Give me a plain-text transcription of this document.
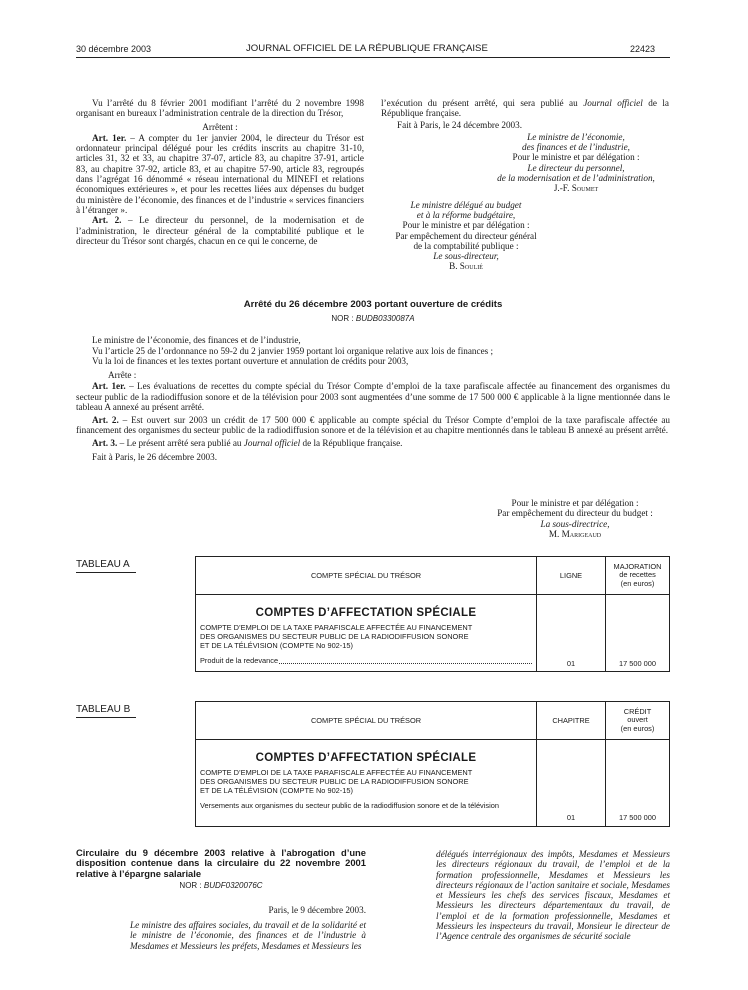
30 décembre 2003	JOURNAL OFFICIEL DE LA RÉPUBLIQUE FRANÇAISE	22423

Vu l’arrêté du 8 février 2001 modifiant l’arrêté du 2 novembre 1998 organisant en bureaux l’administration centrale de la direction du Trésor,

Arrêtent :

Art. 1er. – A compter du 1er janvier 2004, le directeur du Trésor est ordonnateur principal délégué pour les crédits inscrits au chapitre 31-10, articles 31, 32 et 33, au chapitre 37-07, article 83, au chapitre 37-91, article 83, au chapitre 37-92, article 83, et au chapitre 57-90, article 83, regroupés dans l’agrégat 16 dénommé « réseau international du MINEFI et relations économiques extérieures », et pour les recettes liées aux dépenses du budget du ministère de l’économie, des finances et de l’industrie « services financiers à l’étranger ».

Art. 2. – Le directeur du personnel, de la modernisation et de l’administration, le directeur général de la comptabilité publique et le directeur du Trésor sont chargés, chacun en ce qui le concerne, de

l’exécution du présent arrêté, qui sera publié au Journal officiel de la République française.

Fait à Paris, le 24 décembre 2003.

Le ministre de l’économie,
des finances et de l’industrie,
Pour le ministre et par délégation :
Le directeur du personnel,
de la modernisation et de l’administration,
J.-F. Soumet
Le ministre délégué au budget
et à la réforme budgétaire,
Pour le ministre et par délégation :
Par empêchement du directeur général
de la comptabilité publique :
Le sous-directeur,
B. Soulié
Arrêté du 26 décembre 2003 portant ouverture de crédits
NOR : BUDB0330087A

Le ministre de l’économie, des finances et de l’industrie,

Vu l’article 25 de l’ordonnance no 59-2 du 2 janvier 1959 portant loi organique relative aux lois de finances ;

Vu la loi de finances et les textes portant ouverture et annulation de crédits pour 2003,

Arrête :

Art. 1er. – Les évaluations de recettes du compte spécial du Trésor Compte d’emploi de la taxe parafiscale affectée au financement des organismes du secteur public de la radiodiffusion sonore et de la télévision pour 2003 sont augmentées d’une somme de 17 500 000 € applicable à la ligne mentionnée dans le tableau A annexé au présent arrêté.

Art. 2. – Est ouvert sur 2003 un crédit de 17 500 000 € applicable au compte spécial du Trésor Compte d’emploi de la taxe parafiscale affectée au financement des organismes du secteur public de la radiodiffusion sonore et de la télévision et au chapitre mentionnés dans le tableau B annexé au présent arrêté.

Art. 3. – Le présent arrêté sera publié au Journal officiel de la République française.

Fait à Paris, le 26 décembre 2003.

Pour le ministre et par délégation :
Par empêchement du directeur du budget :
La sous-directrice,
M. Marigeaud
TABLEAU A
COMPTE SPÉCIAL DU TRÉSOR	LIGNE	MAJORATION
de recettes
(en euros)

COMPTES D’AFFECTATION SPÉCIALE
COMPTE D’EMPLOI DE LA TAXE PARAFISCALE AFFECTÉE AU FINANCEMENT
DES ORGANISMES DU SECTEUR PUBLIC DE LA RADIODIFFUSION SONORE
ET DE LA TÉLÉVISION (COMPTE No 902-15)
Produit de la redevance	01	17 500 000
TABLEAU B
COMPTE SPÉCIAL DU TRÉSOR	CHAPITRE	CRÉDIT
ouvert
(en euros)

COMPTES D’AFFECTATION SPÉCIALE
COMPTE D’EMPLOI DE LA TAXE PARAFISCALE AFFECTÉE AU FINANCEMENT
DES ORGANISMES DU SECTEUR PUBLIC DE LA RADIODIFFUSION SONORE
ET DE LA TÉLÉVISION (COMPTE No 902-15)
Versements aux organismes du secteur public de la radiodiffusion sonore et de la télévision	01	17 500 000
Circulaire du 9 décembre 2003 relative à l’abrogation d’une disposition contenue dans la circulaire du 22 novembre 2001 relative à l’épargne salariale
NOR : BUDF0320076C
Paris, le 9 décembre 2003.
Le ministre des affaires sociales, du travail et de la solidarité et le ministre de l’économie, des finances et de l’industrie à Mesdames et Messieurs les préfets, Mesdames et Messieurs les
délégués interrégionaux des impôts, Mesdames et Messieurs les directeurs régionaux du travail, de l’emploi et de la formation professionnelle, Mesdames et Messieurs les directeurs régionaux de l’action sanitaire et sociale, Mesdames et Messieurs les chefs des services fiscaux, Mesdames et Messieurs les directeurs départementaux du travail, de l’emploi et de la formation professionnelle, Mesdames et Messieurs les inspecteurs du travail, Monsieur le directeur de l’Agence centrale des organismes de sécurité sociale
